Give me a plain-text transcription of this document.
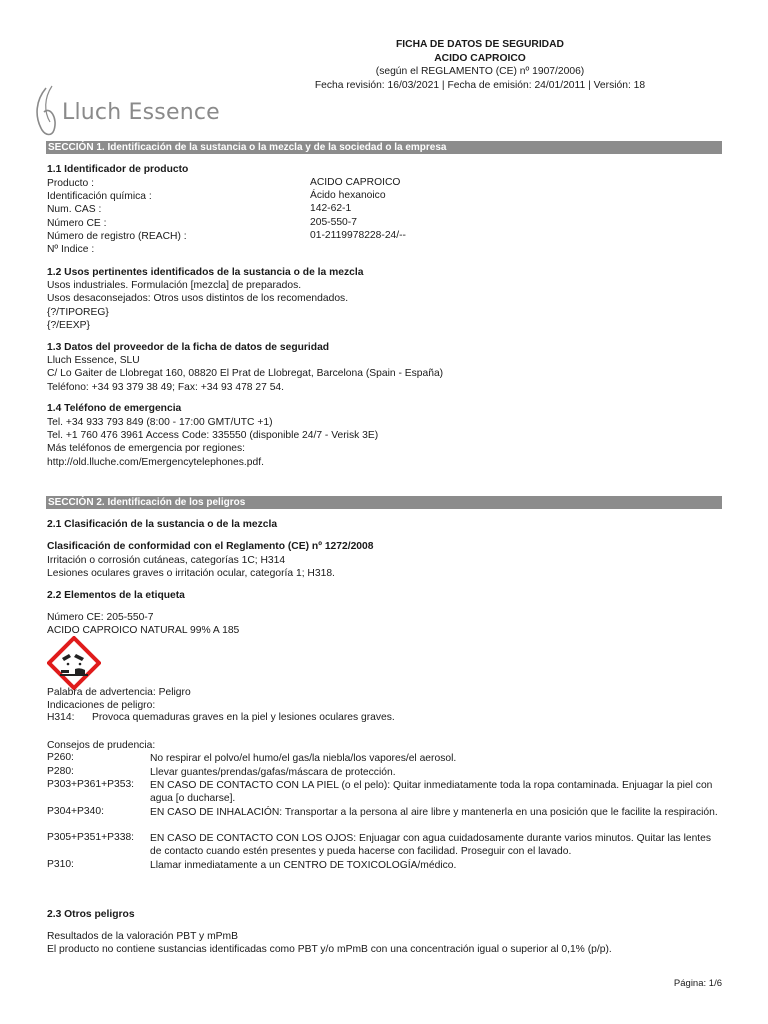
FICHA DE DATOS DE SEGURIDAD
ACIDO CAPROICO
(según el REGLAMENTO (CE) nº 1907/2006)
Fecha revisión: 16/03/2021 | Fecha de emisión: 24/01/2011 | Versión: 18
Lluch Essence
SECCIÓN 1. Identificación de la sustancia o la mezcla y de la sociedad o la empresa
1.1 Identificador de producto
Producto :	ACIDO CAPROICO
Identificación química :	Ácido hexanoico
Num. CAS :	142-62-1
Número CE :	205-550-7
Número de registro (REACH) :	01-2119978228-24/--
Nº Indice :
1.2 Usos pertinentes identificados de la sustancia o de la mezcla
Usos industriales. Formulación [mezcla] de preparados.
Usos desaconsejados: Otros usos distintos de los recomendados.
{?/TIPOREG}
{?/EEXP}
1.3 Datos del proveedor de la ficha de datos de seguridad
Lluch Essence, SLU
C/ Lo Gaiter de Llobregat 160, 08820 El Prat de Llobregat, Barcelona (Spain - España)
Teléfono: +34 93 379 38 49; Fax: +34 93 478 27 54.
1.4 Teléfono de emergencia
Tel. +34 933 793 849 (8:00 - 17:00 GMT/UTC +1)
Tel. +1 760 476 3961 Access Code: 335550 (disponible 24/7 - Verisk 3E)
Más teléfonos de emergencia por regiones:
http://old.lluche.com/Emergencytelephones.pdf.
SECCIÓN 2. Identificación de los peligros
2.1 Clasificación de la sustancia o de la mezcla
Clasificación de conformidad con el Reglamento (CE) nº 1272/2008
Irritación o corrosión cutáneas, categorías 1C; H314
Lesiones oculares graves o irritación ocular, categoría 1; H318.
2.2 Elementos de la etiqueta
Número CE: 205-550-7
ACIDO CAPROICO NATURAL 99% A 185
Palabra de advertencia: Peligro
Indicaciones de peligro:
H314: Provoca quemaduras graves en la piel y lesiones oculares graves.
Consejos de prudencia:
P260:	No respirar el polvo/el humo/el gas/la niebla/los vapores/el aerosol.
P280:	Llevar guantes/prendas/gafas/máscara de protección.
P303+P361+P353: EN CASO DE CONTACTO CON LA PIEL (o el pelo): Quitar inmediatamente toda la ropa contaminada. Enjuagar la piel con agua [o ducharse].
P304+P340:	EN CASO DE INHALACIÓN: Transportar a la persona al aire libre y mantenerla en una posición que le facilite la respiración.
P305+P351+P338: EN CASO DE CONTACTO CON LOS OJOS: Enjuagar con agua cuidadosamente durante varios minutos. Quitar las lentes de contacto cuando estén presentes y pueda hacerse con facilidad. Proseguir con el lavado.
P310:	Llamar inmediatamente a un CENTRO DE TOXICOLOGÍA/médico.
2.3 Otros peligros
Resultados de la valoración PBT y mPmB
El producto no contiene sustancias identificadas como PBT y/o mPmB con una concentración igual o superior al 0,1% (p/p).
Página: 1/6
